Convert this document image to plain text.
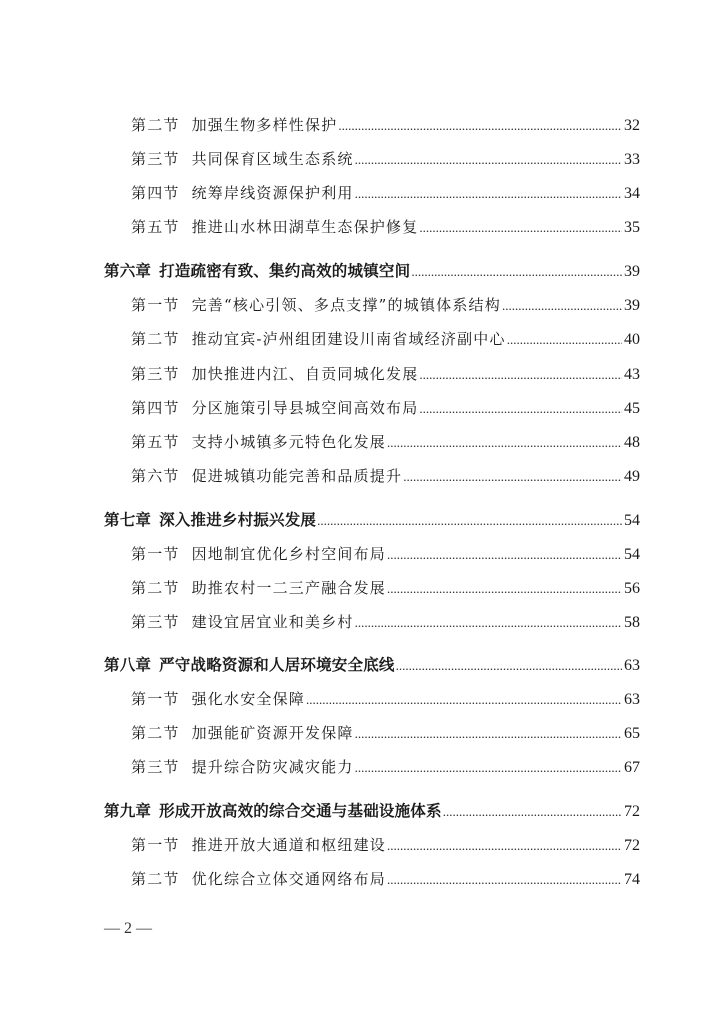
第二节 加强生物多样性保护 .....	32
第三节 共同保育区域生态系统 .....	33
第四节 统筹岸线资源保护利用 .....	34
第五节 推进山水林田湖草生态保护修复 .....	35
第六章 打造疏密有致、集约高效的城镇空间 .....	39
第一节 完善“核心引领、多点支撑”的城镇体系结构 .....	39
第二节 推动宜宾-泸州组团建设川南省域经济副中心 .....	40
第三节 加快推进内江、自贡同城化发展 .....	43
第四节 分区施策引导县城空间高效布局 .....	45
第五节 支持小城镇多元特色化发展 .....	48
第六节 促进城镇功能完善和品质提升 .....	49
第七章 深入推进乡村振兴发展 .....	54
第一节 因地制宜优化乡村空间布局 .....	54
第二节 助推农村一二三产融合发展 .....	56
第三节 建设宜居宜业和美乡村 .....	58
第八章 严守战略资源和人居环境安全底线 .....	63
第一节 强化水安全保障 .....	63
第二节 加强能矿资源开发保障 .....	65
第三节 提升综合防灾减灾能力 .....	67
第九章 形成开放高效的综合交通与基础设施体系 .....	72
第一节 推进开放大通道和枢纽建设 .....	72
第二节 优化综合立体交通网络布局 .....	74
— 2 —
